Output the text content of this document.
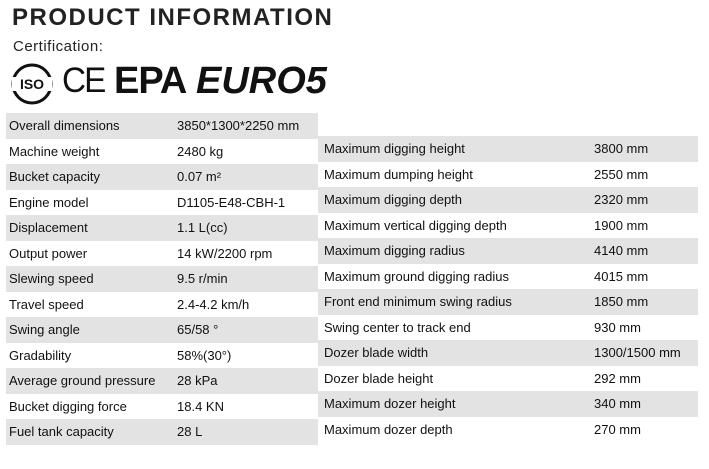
PRODUCT INFORMATION
Certification:
ISO CE EPA EURO5
Overall dimensions	3850*1300*2250 mm
Machine weight	2480 kg
Bucket capacity	0.07 m²
Engine model	D1105-E48-CBH-1
Displacement	1.1 L(cc)
Output power	14 kW/2200 rpm
Slewing speed	9.5 r/min
Travel speed	2.4-4.2 km/h
Swing angle	65/58 °
Gradability	58%(30°)
Average ground pressure 28 kPa
Bucket digging force	18.4 KN
Fuel tank capacity	28 L
Maximum digging height	3800 mm
Maximum dumping height	2550 mm
Maximum digging depth	2320 mm
Maximum vertical digging depth	1900 mm
Maximum digging radius	4140 mm
Maximum ground digging radius	4015 mm
Front end minimum swing radius	1850 mm
Swing center to track end	930 mm
Dozer blade width	1300/1500 mm
Dozer blade height	292 mm
Maximum dozer height	340 mm
Maximum dozer depth	270 mm
